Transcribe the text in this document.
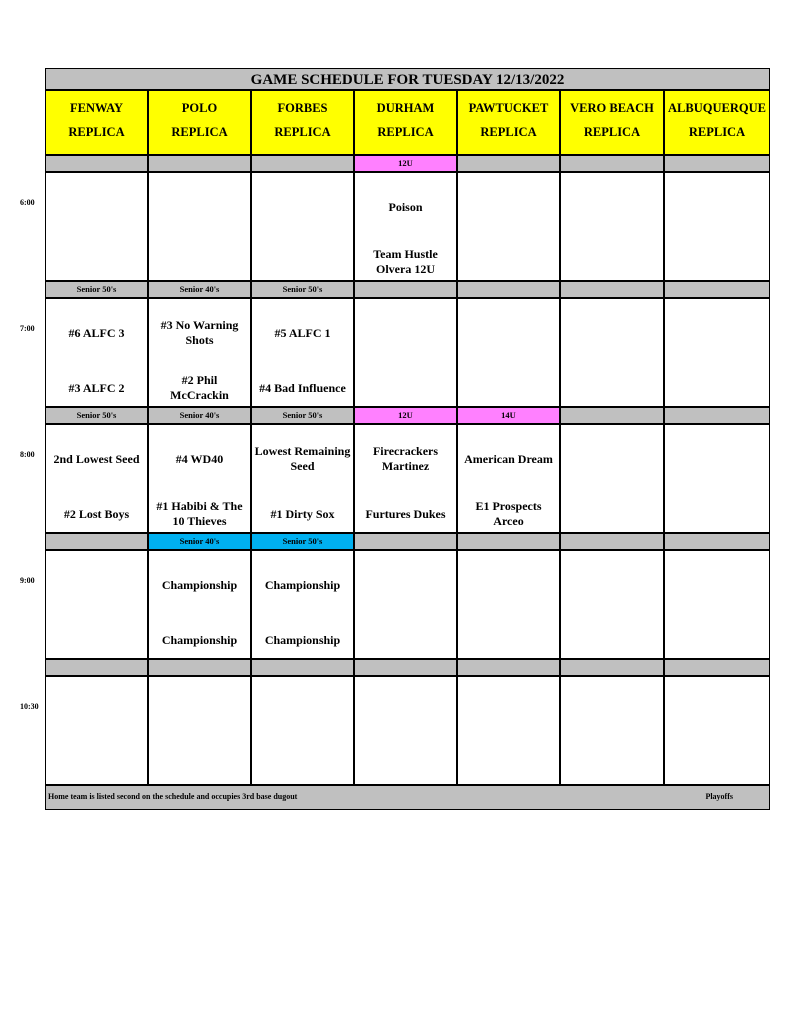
GAME SCHEDULE FOR TUESDAY 12/13/2022
FENWAY
REPLICA
POLO
REPLICA
FORBES
REPLICA
DURHAM
REPLICA
PAWTUCKET
REPLICA
VERO BEACH
REPLICA
ALBUQUERQUE
REPLICA
12U
Poison
Team Hustle Olvera 12U
Senior 50's
#6 ALFC 3
#3 ALFC 2
Senior 40's
#3 No Warning Shots
#2 Phil McCrackin
Senior 50's
#5 ALFC 1
#4 Bad Influence
Senior 50's
2nd Lowest Seed
#2 Lost Boys
Senior 40's
#4 WD40
#1 Habibi & The 10 Thieves
Senior 50's
Lowest Remaining Seed
#1 Dirty Sox
12U
Firecrackers Martinez
Furtures Dukes
14U
American Dream
E1 Prospects Arceo
Senior 40's
Championship
Championship
Senior 50's
Championship
Championship
Home team is listed second on the schedule and occupies 3rd base dugout	Playoffs
6:00
7:00
8:00
9:00
10:30
